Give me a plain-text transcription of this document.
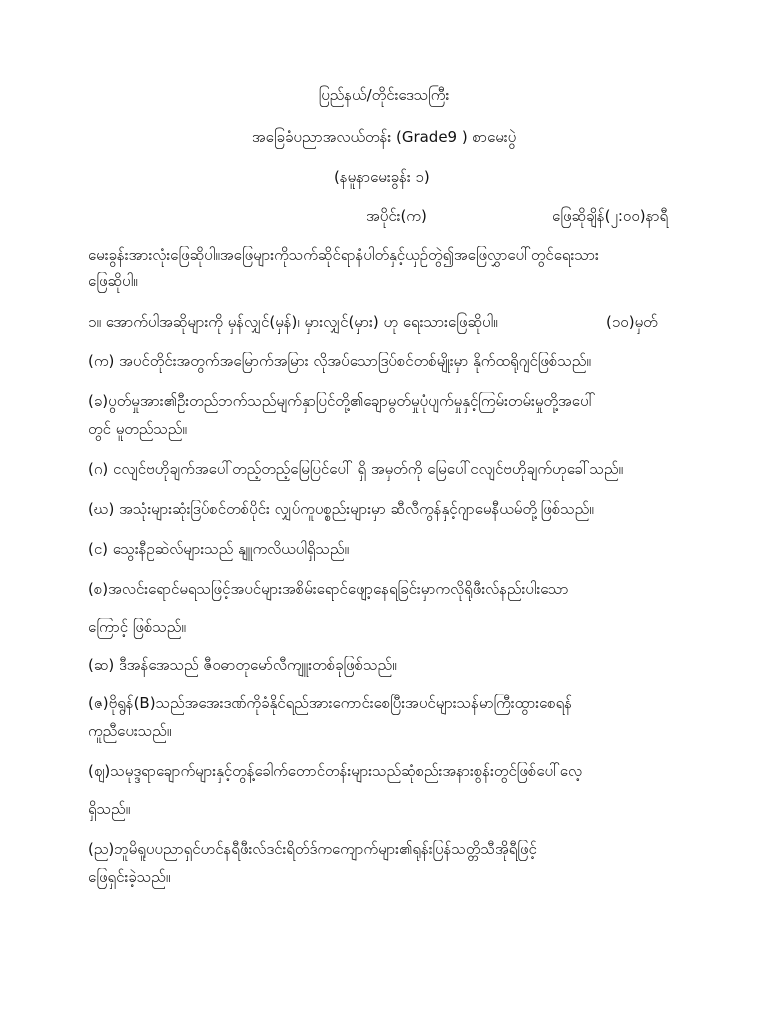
ပြည်နယ်/တိုင်းဒေသကြီး
အခြေခံပညာအလယ်တန်း (Grade9 ) စာမေးပွဲ
(နမူနာမေးခွန်း ၁)
အပိုင်း(က)	ဖြေဆိုချိန်(၂:၀၀)နာရီ
မေးခွန်းအားလုံးဖြေဆိုပါ။အဖြေများကိုသက်ဆိုင်ရာနံပါတ်နှင့်ယှဉ်တွဲ၍အဖြေလွှာပေါ်တွင်ရေးသား
ဖြေဆိုပါ။
၁။ အောက်ပါအဆိုများကို မှန်လျှင်(မှန်)၊ မှားလျှင်(မှား) ဟု ရေးသားဖြေဆိုပါ။	(၁၀)မှတ်
(က) အပင်တိုင်းအတွက်အမြောက်အမြား လိုအပ်သောဒြပ်စင်တစ်မျိုးမှာ နိုက်ထရိုဂျင်ဖြစ်သည်။
(ခ)ပွတ်မှုအား၏ဦးတည်ဘက်သည်မျက်နှာပြင်တို့၏ချောမွတ်မှုပုံပျက်မှုနှင့်ကြမ်းတမ်းမှုတို့အပေါ်
တွင် မူတည်သည်။
(ဂ) ငလျင်ဗဟိုချက်အပေါ်တည့်တည့်မြေပြင်ပေါ် ရှိ အမှတ်ကို မြေပေါ်ငလျင်ဗဟိုချက်ဟုခေါ်သည်။
(ဃ) အသုံးများဆုံးဒြပ်စင်တစ်ပိုင်း လျှပ်ကူပစ္စည်းများမှာ ဆီလီကွန်နှင့်ဂျာမေနီယမ်တို့ဖြစ်သည်။
(င) သွေးနီဥဆဲလ်များသည် နျူကလိယပါရှိသည်။
(စ)အလင်းရောင်မရသဖြင့်အပင်များအစိမ်းရောင်ဖျော့နေရခြင်းမှာကလိုရိုဖီးလ်နည်းပါးသော
ကြောင့် ဖြစ်သည်။
(ဆ) ဒီအန်အေသည် ဇီဝဓာတုမော်လီကျူးတစ်ခုဖြစ်သည်။
(ဇ)ဗိုရွန်(B)သည်အအေးဒဏ်ကိုခံနိုင်ရည်အားကောင်းစေပြီးအပင်များသန်မာကြီးထွားစေရန်
ကူညီပေးသည်။
(ဈ)သမုဒ္ဒရာချောက်များနှင့်တွန့်ခေါက်တောင်တန်းများသည်ဆုံစည်းအနားစွန်းတွင်ဖြစ်ပေါ်လေ့
ရှိသည်။
(ည)ဘူမိရူပပညာရှင်ဟင်နရီဖီးလ်ဒင်းရိတ်ဒ်ကကျောက်များ၏ရုန်းပြန်သတ္တိသီအိုရီဖြင့်
ဖြေရှင်းခဲ့သည်။
